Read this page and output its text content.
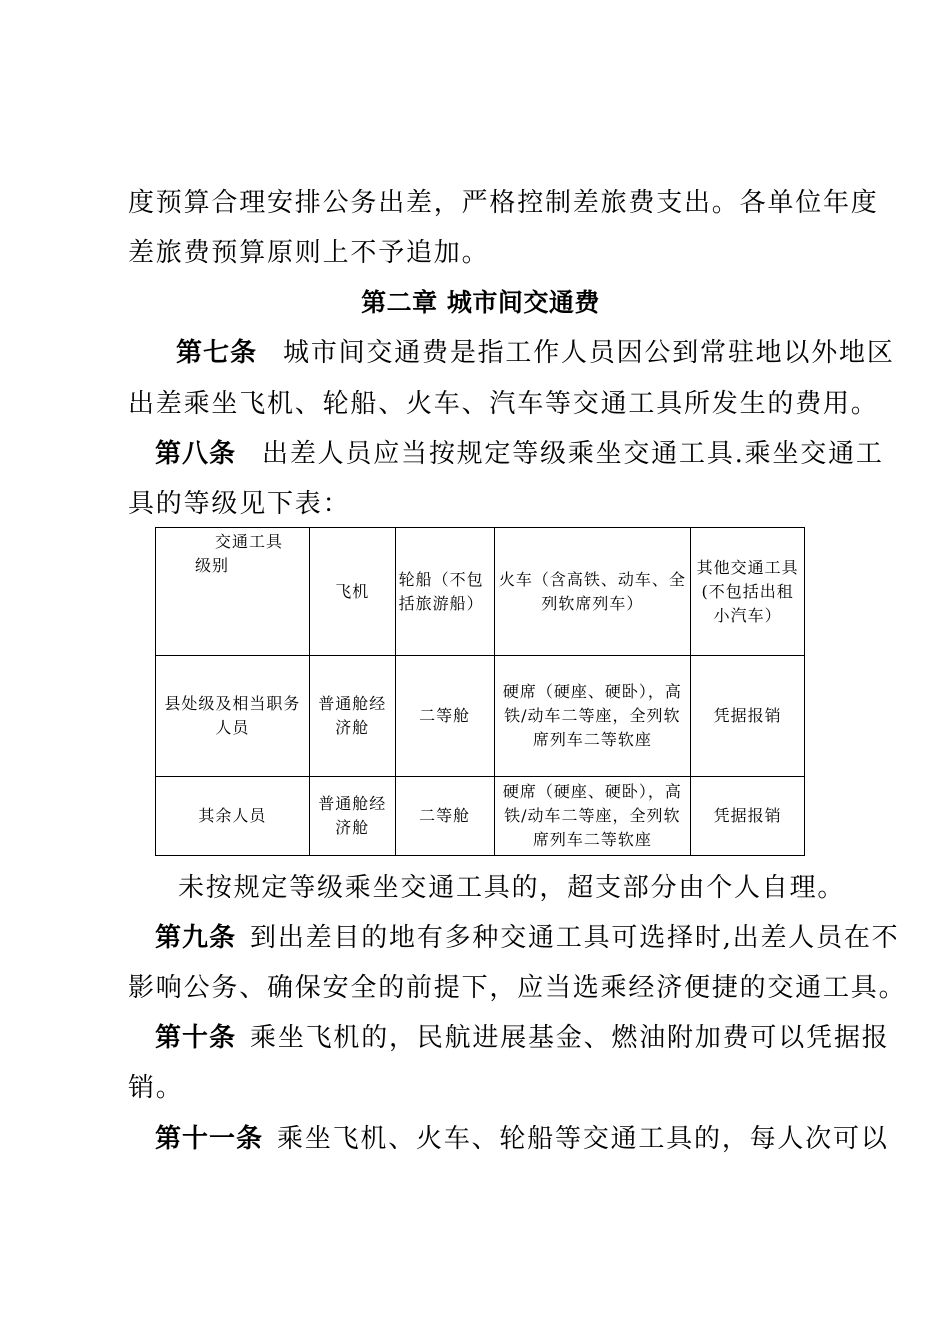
度预算合理安排公务出差，严格控制差旅费支出。各单位年度
差旅费预算原则上不予追加。
第二章 城市间交通费
第七条 城市间交通费是指工作人员因公到常驻地以外地区
出差乘坐飞机、轮船、火车、汽车等交通工具所发生的费用。
第八条 出差人员应当按规定等级乘坐交通工具.乘坐交通工
具的等级见下表：
交通工具
级别	飞机	轮船（不包括旅游船）	火车（含高铁、动车、全列软席列车）	其他交通工具(不包括出租小汽车）
县处级及相当职务人员	普通舱经济舱	二等舱	硬席（硬座、硬卧），高铁/动车二等座，全列软席列车二等软座	凭据报销
其余人员	普通舱经济舱	二等舱	硬席（硬座、硬卧），高铁/动车二等座，全列软席列车二等软座	凭据报销
未按规定等级乘坐交通工具的，超支部分由个人自理。
第九条 到出差目的地有多种交通工具可选择时,出差人员在不
影响公务、确保安全的前提下，应当选乘经济便捷的交通工具。
第十条 乘坐飞机的，民航进展基金、燃油附加费可以凭据报
销。
第十一条 乘坐飞机、火车、轮船等交通工具的，每人次可以
